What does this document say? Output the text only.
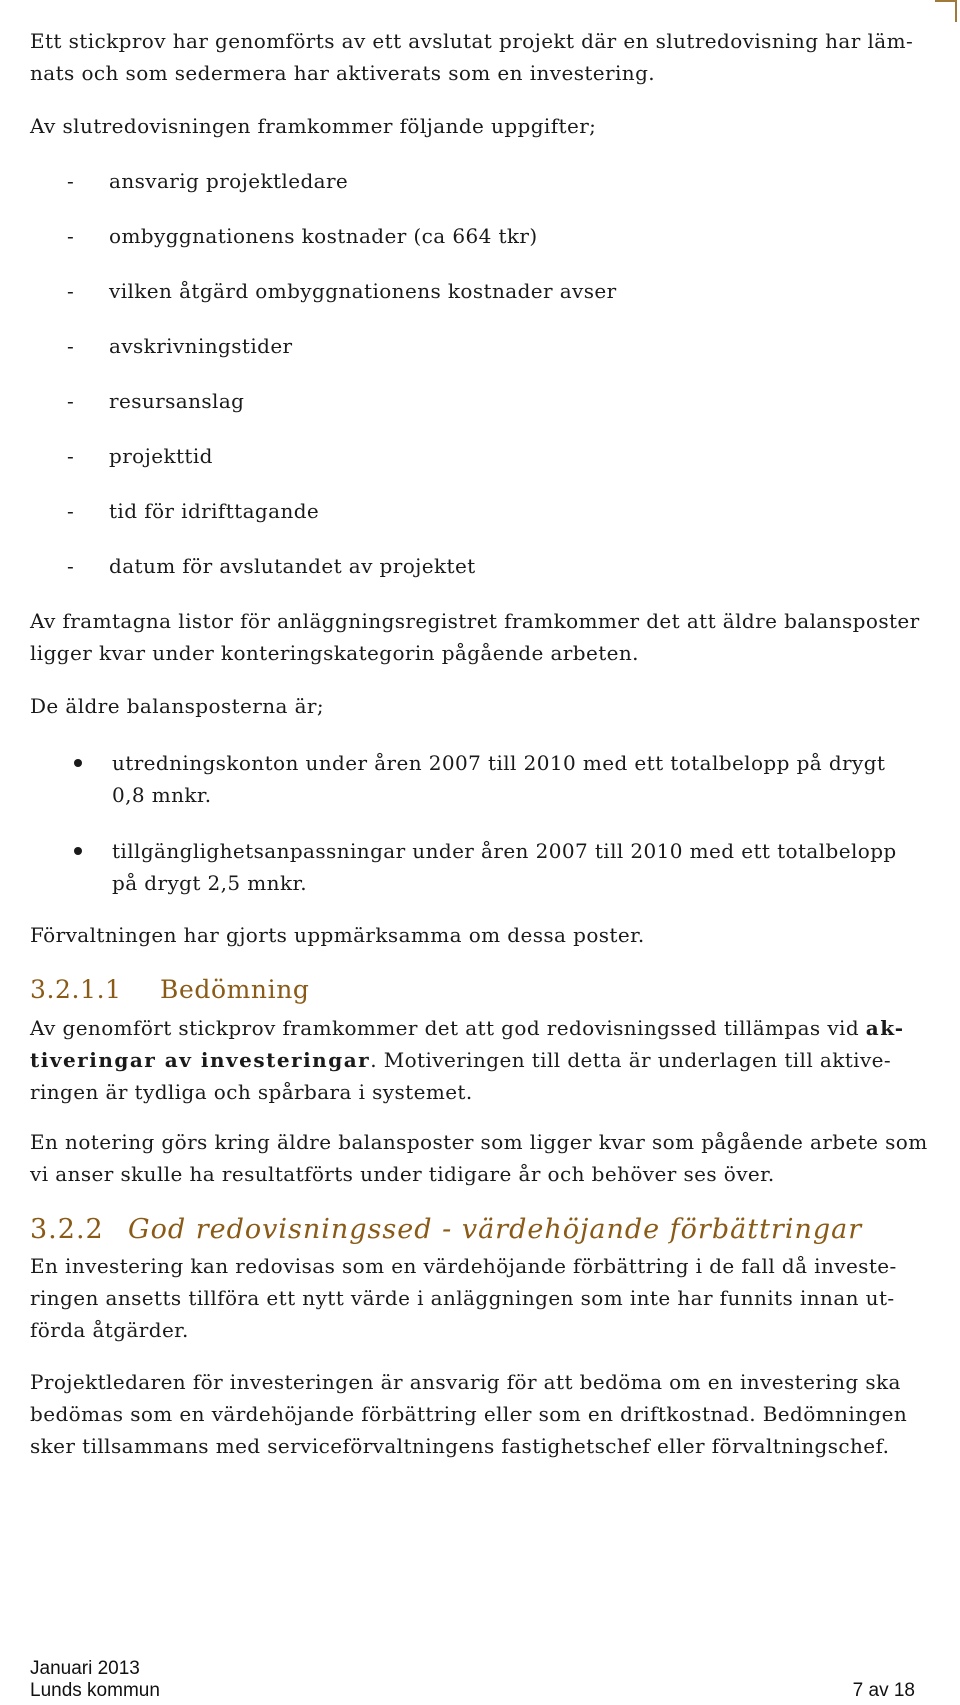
Ett stickprov har genomförts av ett avslutat projekt där en slutredovisning har läm-
nats och som sedermera har aktiverats som en investering.

Av slutredovisningen framkommer följande uppgifter;

- ansvarig projektledare
- ombyggnationens kostnader (ca 664 tkr)
- vilken åtgärd ombyggnationens kostnader avser
- avskrivningstider
- resursanslag
- projekttid
- tid för idrifttagande
- datum för avslutandet av projektet

Av framtagna listor för anläggningsregistret framkommer det att äldre balansposter
ligger kvar under konteringskategorin pågående arbeten.

De äldre balansposterna är;

utredningskonton under åren 2007 till 2010 med ett totalbelopp på drygt
0,8 mnkr.
tillgänglighetsanpassningar under åren 2007 till 2010 med ett totalbelopp
på drygt 2,5 mnkr.

Förvaltningen har gjorts uppmärksamma om dessa poster.

3.2.1.1 Bedömning

Av genomfört stickprov framkommer det att god redovisningssed tillämpas vid ak-
tiveringar av investeringar. Motiveringen till detta är underlagen till aktive-
ringen är tydliga och spårbara i systemet.

En notering görs kring äldre balansposter som ligger kvar som pågående arbete som
vi anser skulle ha resultatförts under tidigare år och behöver ses över.

3.2.2 God redovisningssed - värdehöjande förbättringar

En investering kan redovisas som en värdehöjande förbättring i de fall då investe-
ringen ansetts tillföra ett nytt värde i anläggningen som inte har funnits innan ut-
förda åtgärder.

Projektledaren för investeringen är ansvarig för att bedöma om en investering ska
bedömas som en värdehöjande förbättring eller som en driftkostnad. Bedömningen
sker tillsammans med serviceförvaltningens fastighetschef eller förvaltningschef.

Januari 2013
Lunds kommun	7 av 18
